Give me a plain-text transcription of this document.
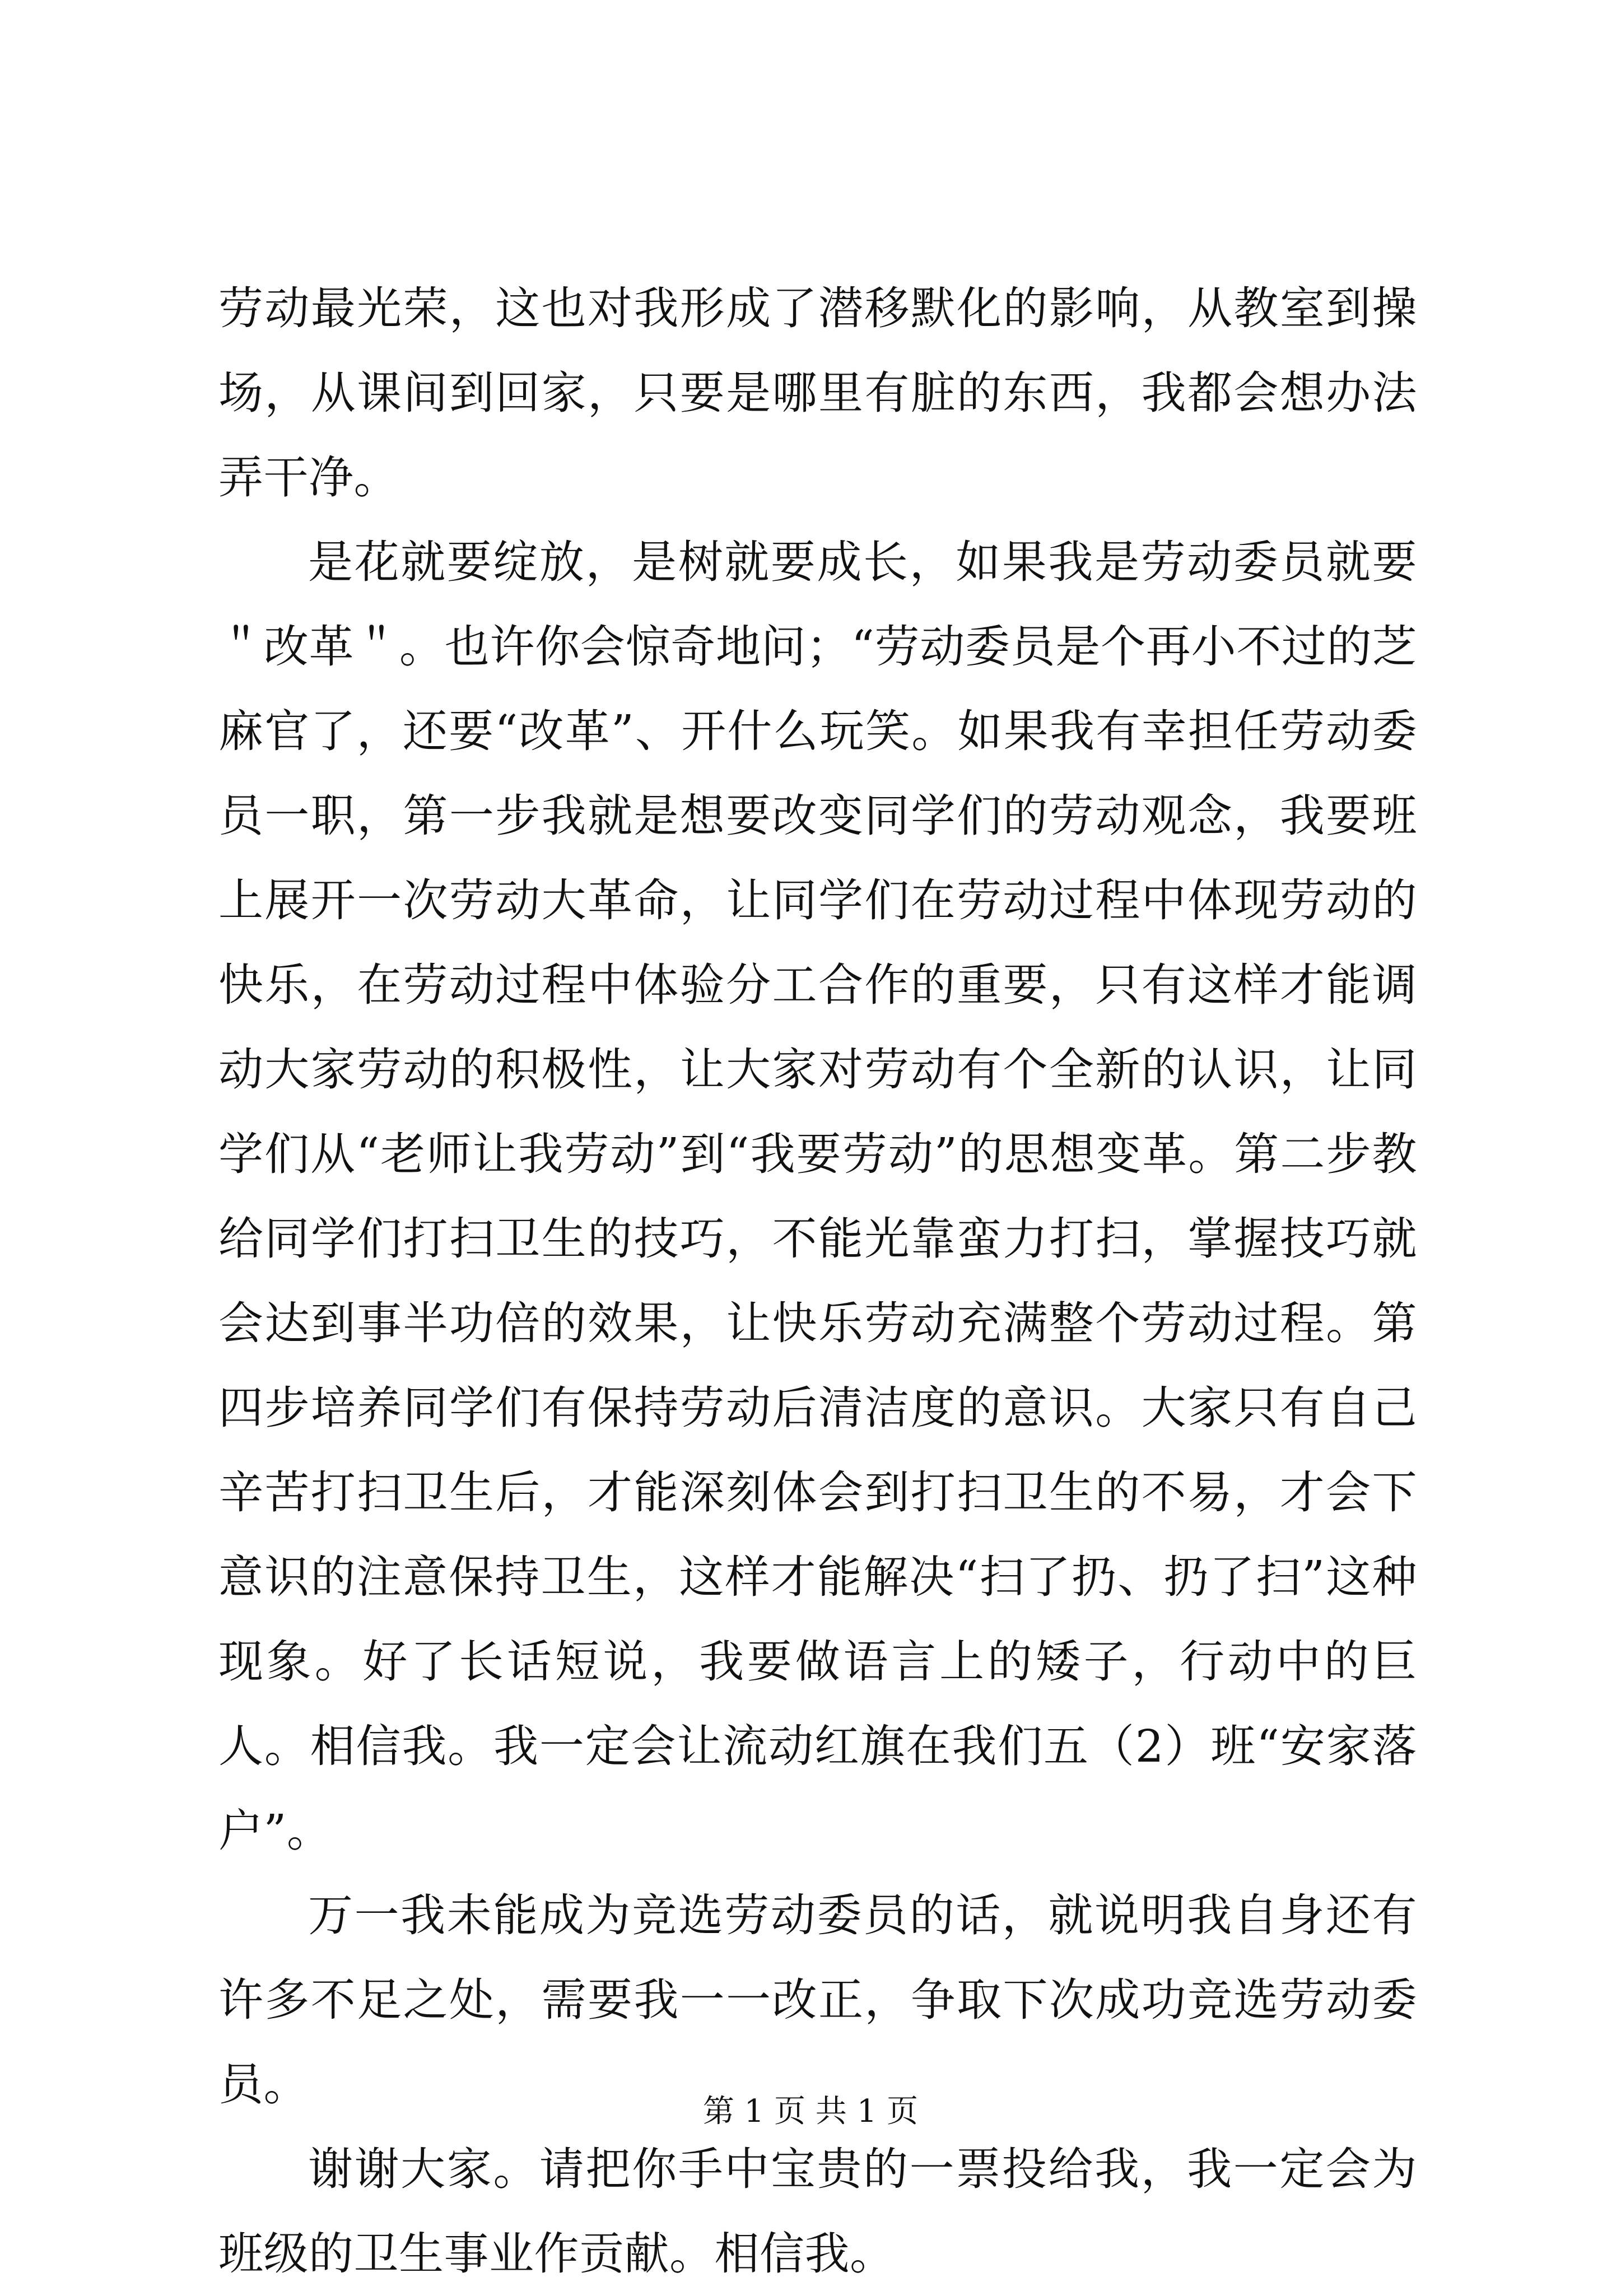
劳动最光荣，这也对我形成了潜移默化的影响，从教室到操场，从课间到回家，只要是哪里有脏的东西，我都会想办法弄干净。

是花就要绽放，是树就要成长，如果我是劳动委员就要＂改革＂。也许你会惊奇地问；“劳动委员是个再小不过的芝麻官了，还要“改革”、开什么玩笑。如果我有幸担任劳动委员一职，第一步我就是想要改变同学们的劳动观念，我要班上展开一次劳动大革命，让同学们在劳动过程中体现劳动的快乐，在劳动过程中体验分工合作的重要，只有这样才能调动大家劳动的积极性，让大家对劳动有个全新的认识，让同学们从“老师让我劳动”到“我要劳动”的思想变革。第二步教给同学们打扫卫生的技巧，不能光靠蛮力打扫，掌握技巧就会达到事半功倍的效果，让快乐劳动充满整个劳动过程。第四步培养同学们有保持劳动后清洁度的意识。大家只有自己辛苦打扫卫生后，才能深刻体会到打扫卫生的不易，才会下意识的注意保持卫生，这样才能解决“扫了扔、扔了扫”这种现象。好了长话短说，我要做语言上的矮子，行动中的巨人。相信我。我一定会让流动红旗在我们五（2）班“安家落户”。

万一我未能成为竞选劳动委员的话，就说明我自身还有许多不足之处，需要我一一改正，争取下次成功竞选劳动委员。

谢谢大家。请把你手中宝贵的一票投给我，我一定会为班级的卫生事业作贡献。相信我。

第 1 页 共 1 页
